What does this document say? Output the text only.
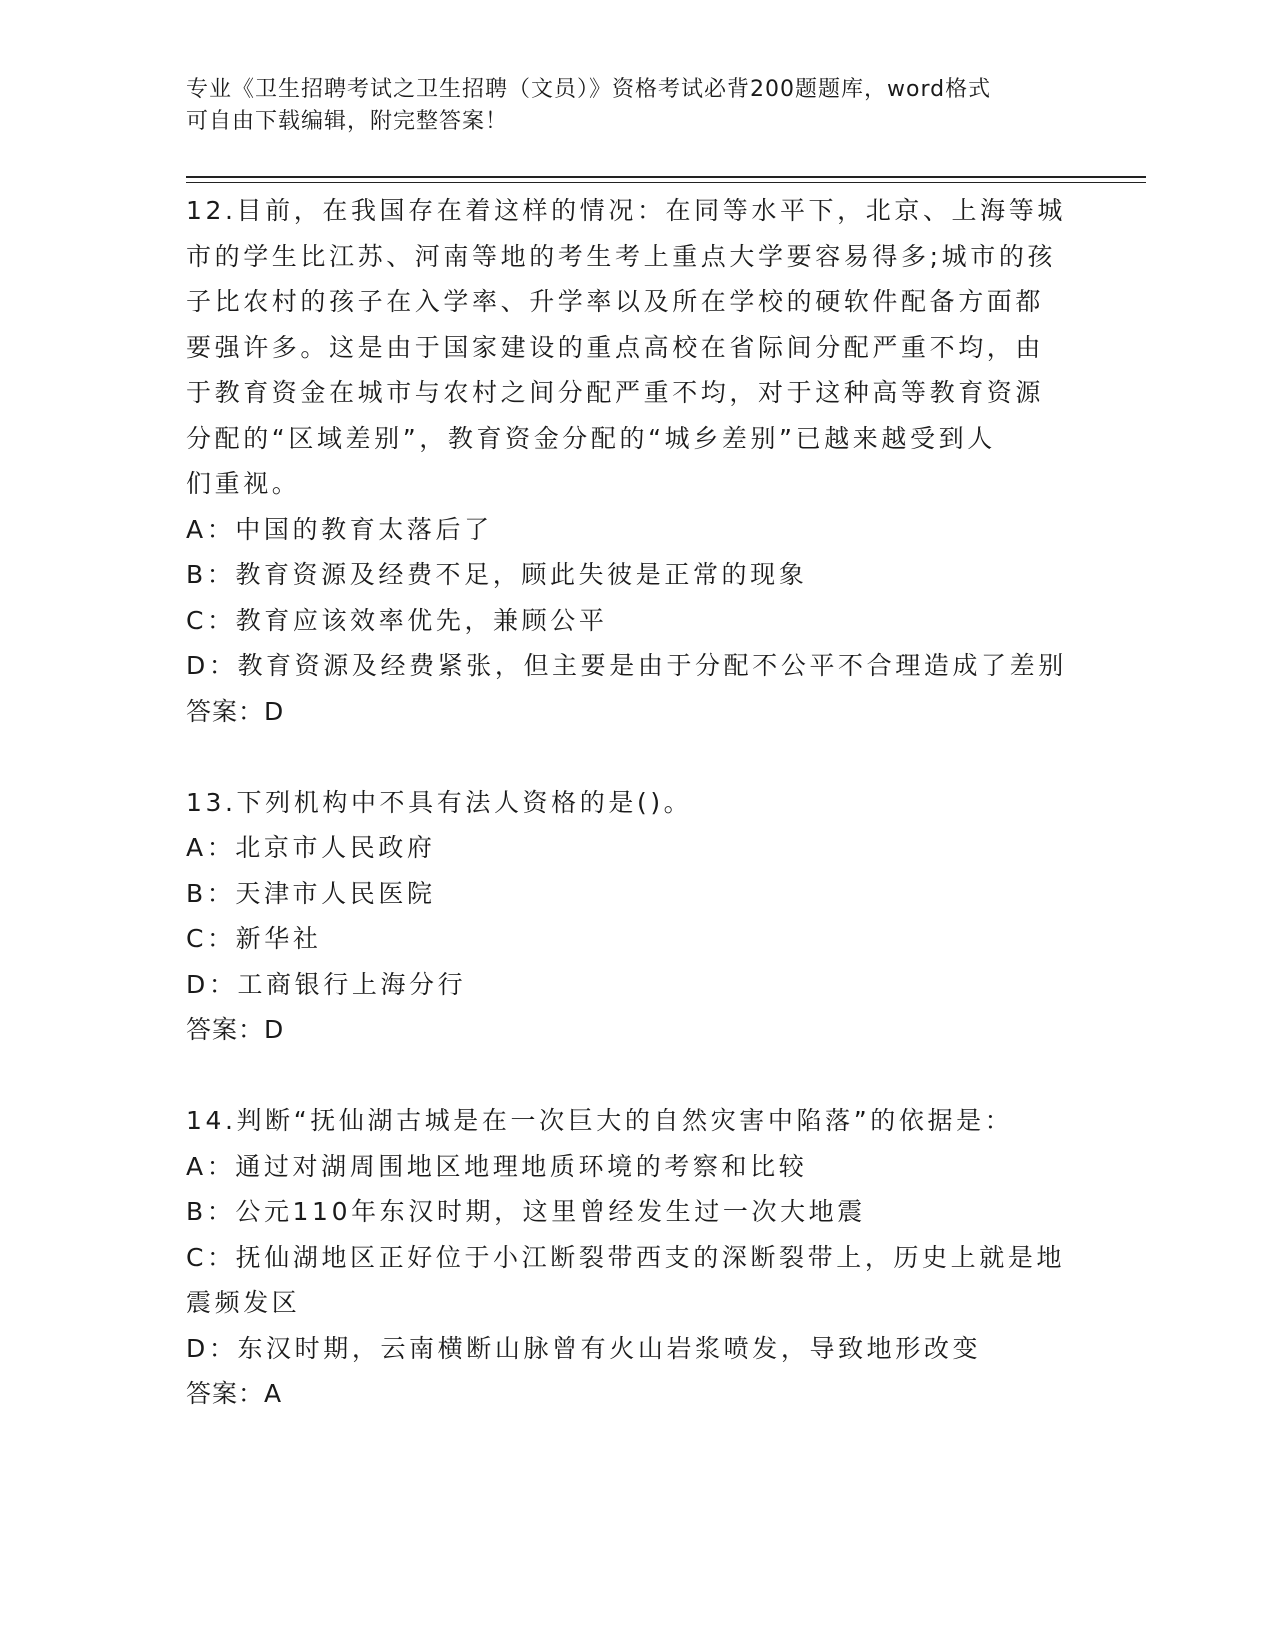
专业《卫生招聘考试之卫生招聘（文员）》资格考试必背200题题库，word格式
可自由下载编辑，附完整答案！
12.目前，在我国存在着这样的情况：在同等水平下，北京、上海等城
市的学生比江苏、河南等地的考生考上重点大学要容易得多;城市的孩
子比农村的孩子在入学率、升学率以及所在学校的硬软件配备方面都
要强许多。这是由于国家建设的重点高校在省际间分配严重不均，由
于教育资金在城市与农村之间分配严重不均，对于这种高等教育资源
分配的“区域差别”，教育资金分配的“城乡差别”已越来越受到人
们重视。
A：中国的教育太落后了
B：教育资源及经费不足，顾此失彼是正常的现象
C：教育应该效率优先，兼顾公平
D：教育资源及经费紧张，但主要是由于分配不公平不合理造成了差别
答案：D
13.下列机构中不具有法人资格的是()。
A：北京市人民政府
B：天津市人民医院
C：新华社
D：工商银行上海分行
答案：D
14.判断“抚仙湖古城是在一次巨大的自然灾害中陷落”的依据是：
A：通过对湖周围地区地理地质环境的考察和比较
B：公元110年东汉时期，这里曾经发生过一次大地震
C：抚仙湖地区正好位于小江断裂带西支的深断裂带上，历史上就是地
震频发区
D：东汉时期，云南横断山脉曾有火山岩浆喷发，导致地形改变
答案：A
